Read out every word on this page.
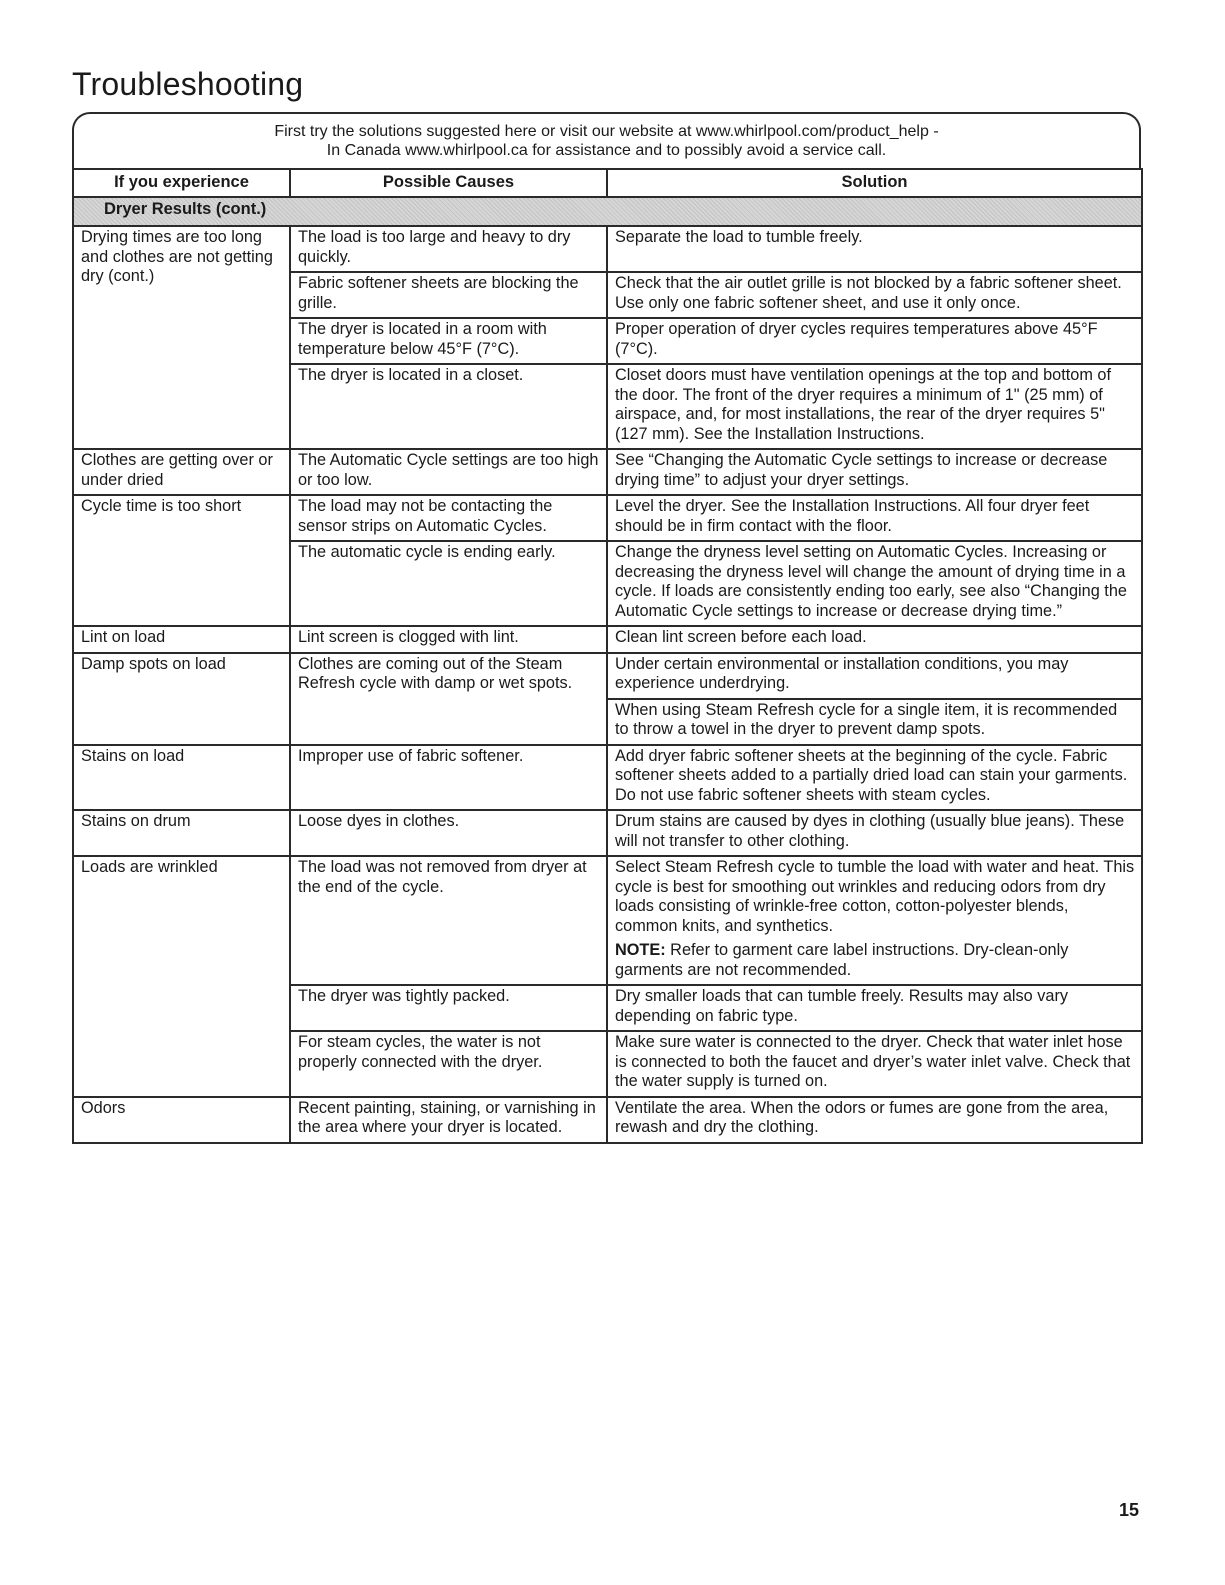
Troubleshooting
First try the solutions suggested here or visit our website at www.whirlpool.com/product_help -
In Canada www.whirlpool.ca for assistance and to possibly avoid a service call.
If you experience	Possible Causes	Solution
Dryer Results (cont.)		
Drying times are too long and clothes are not getting dry (cont.)	The load is too large and heavy to dry quickly.	Separate the load to tumble freely.
	Fabric softener sheets are blocking the grille.	Check that the air outlet grille is not blocked by a fabric softener sheet. Use only one fabric softener sheet, and use it only once.
	The dryer is located in a room with temperature below 45°F (7°C).	Proper operation of dryer cycles requires temperatures above 45°F (7°C).
	The dryer is located in a closet.	Closet doors must have ventilation openings at the top and bottom of the door. The front of the dryer requires a minimum of 1" (25 mm) of airspace, and, for most installations, the rear of the dryer requires 5" (127 mm). See the Installation Instructions.
Clothes are getting over or under dried	The Automatic Cycle settings are too high or too low.	See “Changing the Automatic Cycle settings to increase or decrease drying time” to adjust your dryer settings.
Cycle time is too short	The load may not be contacting the sensor strips on Automatic Cycles.	Level the dryer. See the Installation Instructions. All four dryer feet should be in firm contact with the floor.
	The automatic cycle is ending early.	Change the dryness level setting on Automatic Cycles. Increasing or decreasing the dryness level will change the amount of drying time in a cycle. If loads are consistently ending too early, see also “Changing the Automatic Cycle settings to increase or decrease drying time.”
Lint on load	Lint screen is clogged with lint.	Clean lint screen before each load.
Damp spots on load	Clothes are coming out of the Steam Refresh cycle with damp or wet spots.	Under certain environmental or installation conditions, you may experience underdrying.
		When using Steam Refresh cycle for a single item, it is recommended to throw a towel in the dryer to prevent damp spots.
Stains on load	Improper use of fabric softener.	Add dryer fabric softener sheets at the beginning of the cycle. Fabric softener sheets added to a partially dried load can stain your garments. Do not use fabric softener sheets with steam cycles.
Stains on drum	Loose dyes in clothes.	Drum stains are caused by dyes in clothing (usually blue jeans). These will not transfer to other clothing.
Loads are wrinkled	The load was not removed from dryer at the end of the cycle.	Select Steam Refresh cycle to tumble the load with water and heat. This cycle is best for smoothing out wrinkles and reducing odors from dry loads consisting of wrinkle-free cotton, cotton-polyester blends, common knits, and synthetics.
NOTE: Refer to garment care label instructions. Dry-clean-only garments are not recommended.

	The dryer was tightly packed.	Dry smaller loads that can tumble freely. Results may also vary depending on fabric type.
	For steam cycles, the water is not properly connected with the dryer.	Make sure water is connected to the dryer. Check that water inlet hose is connected to both the faucet and dryer’s water inlet valve. Check that the water supply is turned on.
Odors	Recent painting, staining, or varnishing in the area where your dryer is located.	Ventilate the area. When the odors or fumes are gone from the area, rewash and dry the clothing.
15
